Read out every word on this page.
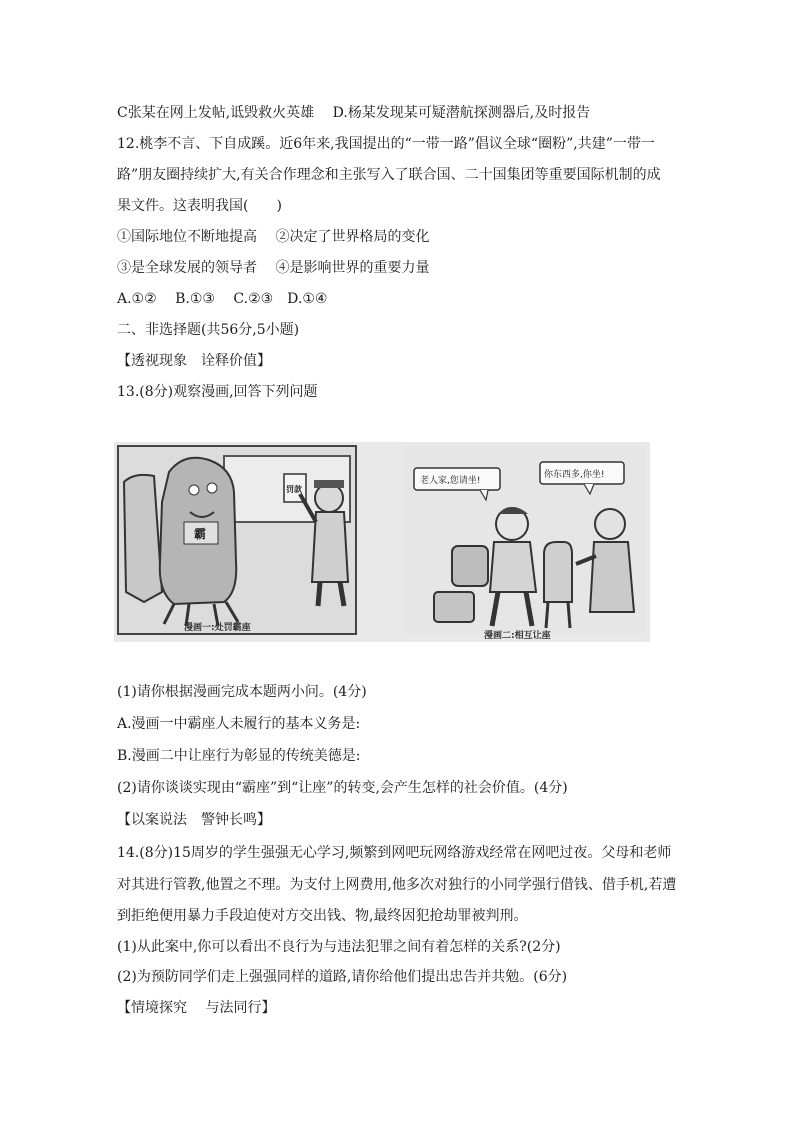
C张某在网上发帖,诋毁救火英雄　 D.杨某发现某可疑潜航探测器后,及时报告
12.桃李不言、下自成蹊。近6年来,我国提出的“一带一路”倡议全球“圈粉”,共建”一带一
路”朋友圈持续扩大,有关合作理念和主张写入了联合国、二十国集团等重要国际机制的成
果文件。这表明我国(　　)
①国际地位不断地提高　 ②决定了世界格局的变化
③是全球发展的领导者　 ④是影响世界的重要力量
A.①②　 B.①③　 C.②③　D.①④
二、非选择题(共56分,5小题)
【透视现象　诠释价值】
13.(8分)观察漫画,回答下列问题
霸
罚款
漫画一:处罚霸座
老人家,您请坐!
你东西多,你坐!
漫画二:相互让座
(1)请你根据漫画完成本题两小问。(4分)
A.漫画一中霸座人未履行的基本义务是:
B.漫画二中让座行为彰显的传统美德是:
(2)请你谈谈实现由“霸座”到“让座”的转变,会产生怎样的社会价值。(4分)
【以案说法　警钟长鸣】
14.(8分)15周岁的学生强强无心学习,频繁到网吧玩网络游戏经常在网吧过夜。父母和老师
对其进行管教,他置之不理。为支付上网费用,他多次对独行的小同学强行借钱、借手机,若遭
到拒绝便用暴力手段迫使对方交出钱、物,最终因犯抢劫罪被判刑。
(1)从此案中,你可以看出不良行为与违法犯罪之间有着怎样的关系?(2分)
(2)为预防同学们走上强强同样的道路,请你给他们提出忠告并共勉。(6分)
【情境探究　 与法同行】
